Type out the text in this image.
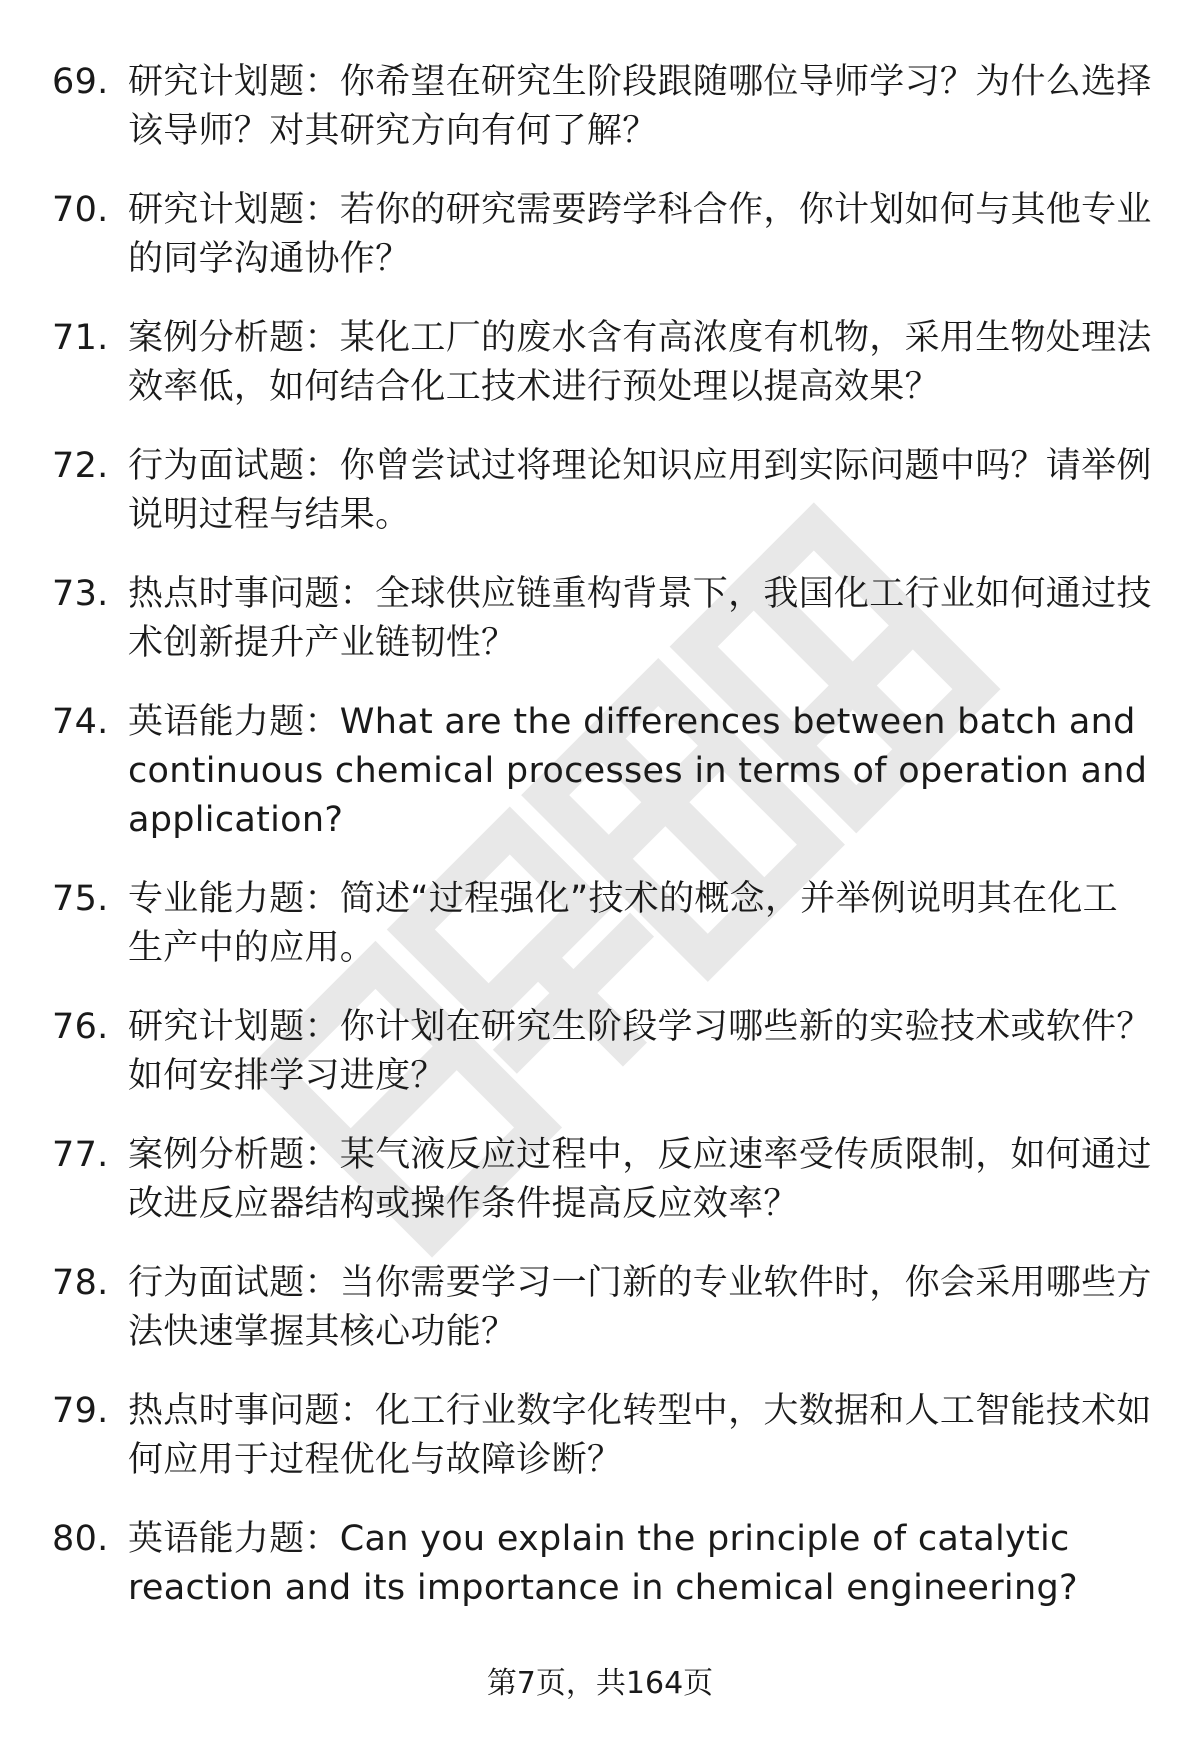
69. 研究计划题：你希望在研究生阶段跟随哪位导师学习？为什么选择该导师？对其研究方向有何了解？
70. 研究计划题：若你的研究需要跨学科合作，你计划如何与其他专业的同学沟通协作？
71. 案例分析题：某化工厂的废水含有高浓度有机物，采用生物处理法效率低，如何结合化工技术进行预处理以提高效果？
72. 行为面试题：你曾尝试过将理论知识应用到实际问题中吗？请举例说明过程与结果。
73. 热点时事问题：全球供应链重构背景下，我国化工行业如何通过技术创新提升产业链韧性？
74. 英语能力题：What are the differences between batch and continuous chemical processes in terms of operation and application?
75. 专业能力题：简述“过程强化”技术的概念，并举例说明其在化工生产中的应用。
76. 研究计划题：你计划在研究生阶段学习哪些新的实验技术或软件？如何安排学习进度？
77. 案例分析题：某气液反应过程中，反应速率受传质限制，如何通过改进反应器结构或操作条件提高反应效率？
78. 行为面试题：当你需要学习一门新的专业软件时，你会采用哪些方法快速掌握其核心功能？
79. 热点时事问题：化工行业数字化转型中，大数据和人工智能技术如何应用于过程优化与故障诊断？
80. 英语能力题：Can you explain the principle of catalytic reaction and its importance in chemical engineering?
第7页，共164页
